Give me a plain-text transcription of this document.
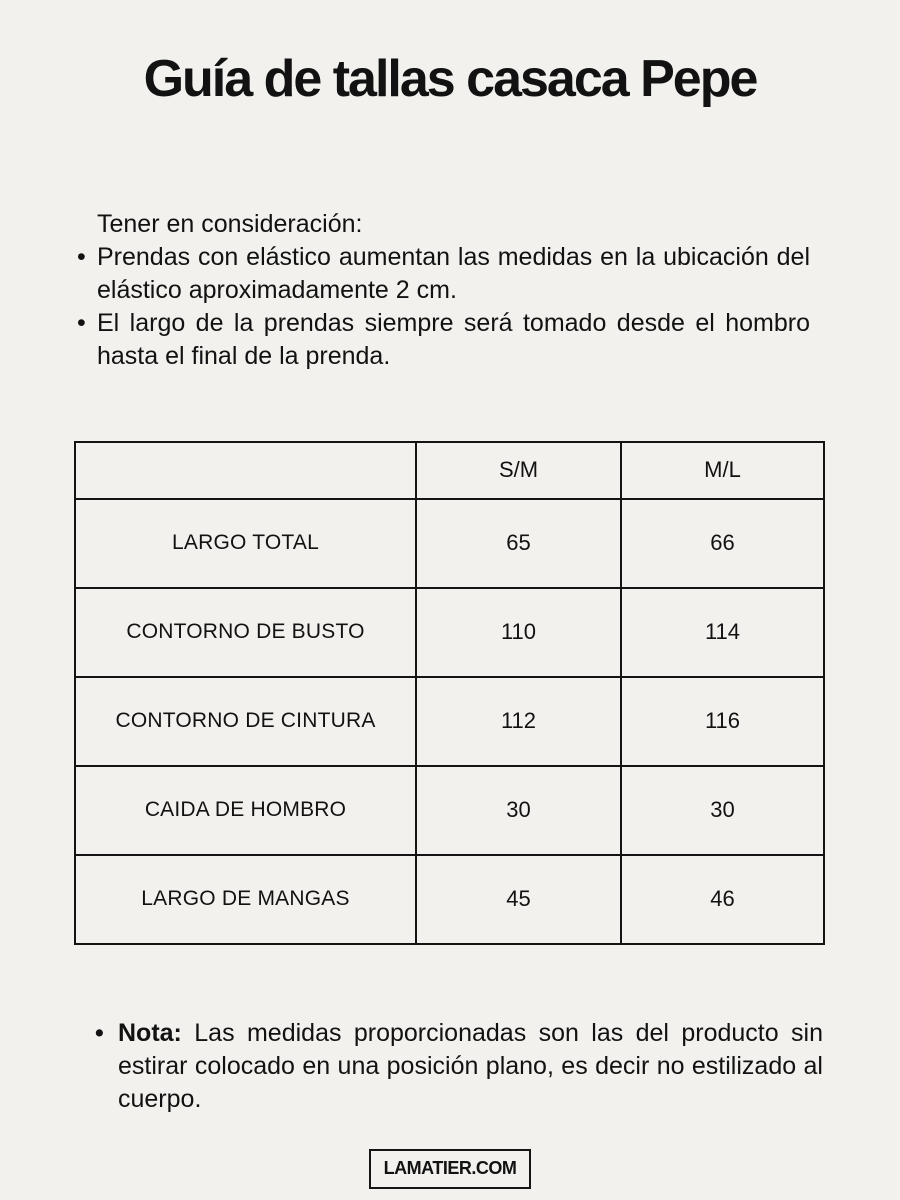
Guía de tallas casaca Pepe

Tener en consideración:

• Prendas con elástico aumentan las medidas en la ubicación del elástico aproximadamente 2 cm.
• El largo de la prendas siempre será tomado desde el hombro hasta el final de la prenda.
	S/M	M/L
LARGO TOTAL	65	66
CONTORNO DE BUSTO	110	114
CONTORNO DE CINTURA	112	116
CAIDA DE HOMBRO	30	30
LARGO DE MANGAS	45	46
• Nota: Las medidas proporcionadas son las del producto sin estirar colocado en una posición plano, es decir no estilizado al cuerpo.
LAMATIER.COM
